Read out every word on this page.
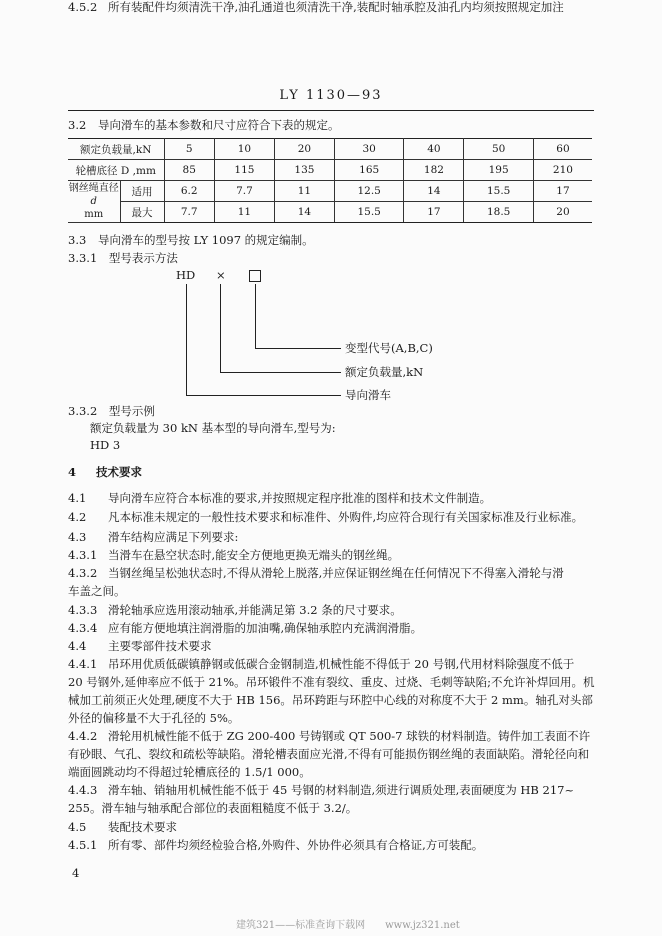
LY 1130—93
3.2 导向滑车的基本参数和尺寸应符合下表的规定。
额定负载量,kN		5	10	20	30	40	50	60
轮槽底径 D ,mm		85	115	135	165	182	195	210

钢丝绳直径
d
mm	适用	6.2	7.7	11	12.5	14	15.5	17
	最大	7.7	11	14	15.5	17	18.5	20
3.3 导向滑车的型号按 LY 1097 的规定编制。
3.3.1 型号表示方法
HD ×
变型代号(A,B,C)
额定负载量,kN
导向滑车
3.3.2 型号示例
额定负载量为 30 kN 基本型的导向滑车,型号为:
HD 3
4 技术要求
4.1 导向滑车应符合本标准的要求,并按照规定程序批准的图样和技术文件制造。
4.2 凡本标准未规定的一般性技术要求和标准件、外购件,均应符合现行有关国家标准及行业标准。
4.3 滑车结构应满足下列要求:
4.3.1 当滑车在悬空状态时,能安全方便地更换无端头的钢丝绳。
4.3.2 当钢丝绳呈松弛状态时,不得从滑轮上脱落,并应保证钢丝绳在任何情况下不得塞入滑轮与滑
车盖之间。
4.3.3 滑轮轴承应选用滚动轴承,并能满足第 3.2 条的尺寸要求。
4.3.4 应有能方便地填注润滑脂的加油嘴,确保轴承腔内充满润滑脂。
4.4 主要零部件技术要求
4.4.1 吊环用优质低碳镇静钢或低碳合金钢制造,机械性能不得低于 20 号钢,代用材料除强度不低于
20 号钢外,延伸率应不低于 21%。吊环锻件不准有裂纹、重皮、过烧、毛刺等缺陷;不允许补焊回用。机
械加工前须正火处理,硬度不大于 HB 156。吊环跨距与环腔中心线的对称度不大于 2 mm。轴孔对头部
外径的偏移量不大于孔径的 5%。
4.4.2 滑轮用机械性能不低于 ZG 200-400 号铸钢或 QT 500-7 球铁的材料制造。铸件加工表面不许
有砂眼、气孔、裂纹和疏松等缺陷。滑轮槽表面应光滑,不得有可能损伤钢丝绳的表面缺陷。滑轮径向和
端面圆跳动均不得超过轮槽底径的 1.5/1 000。
4.4.3 滑车轴、销轴用机械性能不低于 45 号钢的材料制造,须进行调质处理,表面硬度为 HB 217~
255。滑车轴与轴承配合部位的表面粗糙度不低于 3.2/。
4.5 装配技术要求
4.5.1 所有零、部件均须经检验合格,外购件、外协件必须具有合格证,方可装配。
4.5.2 所有装配件均须清洗干净,油孔通道也须清洗干净,装配时轴承腔及油孔内均须按照规定加注
4
建筑321——标准查询下载网　　www.jz321.net
